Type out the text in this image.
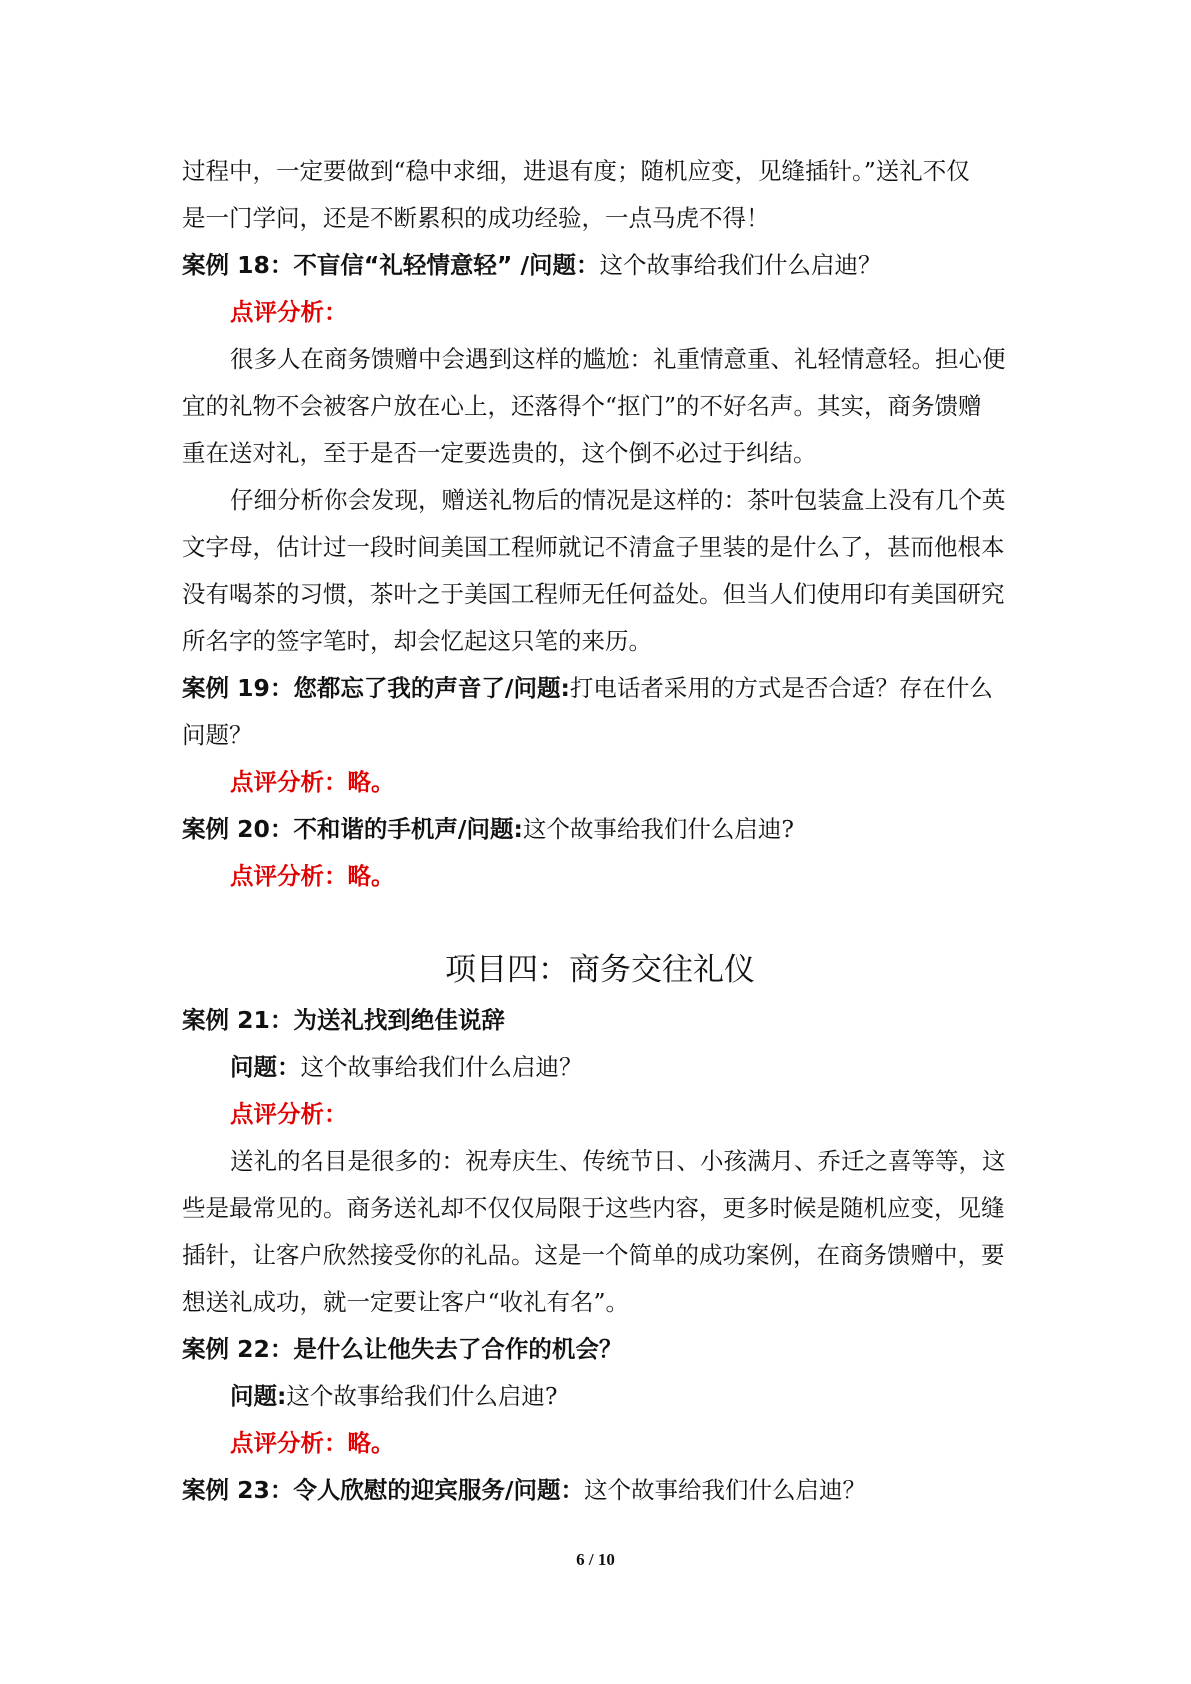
过程中，一定要做到“稳中求细，进退有度；随机应变，见缝插针。”送礼不仅
是一门学问，还是不断累积的成功经验，一点马虎不得！
案例 18：不盲信“礼轻情意轻” /问题：这个故事给我们什么启迪？
点评分析：
很多人在商务馈赠中会遇到这样的尴尬：礼重情意重、礼轻情意轻。担心便
宜的礼物不会被客户放在心上，还落得个“抠门”的不好名声。其实，商务馈赠
重在送对礼，至于是否一定要选贵的，这个倒不必过于纠结。
仔细分析你会发现，赠送礼物后的情况是这样的：茶叶包装盒上没有几个英
文字母，估计过一段时间美国工程师就记不清盒子里装的是什么了，甚而他根本
没有喝茶的习惯，茶叶之于美国工程师无任何益处。但当人们使用印有美国研究
所名字的签字笔时，却会忆起这只笔的来历。
案例 19：您都忘了我的声音了/问题:打电话者采用的方式是否合适？存在什么
问题？
点评分析：略。
案例 20：不和谐的手机声/问题:这个故事给我们什么启迪?
点评分析：略。
项目四：商务交往礼仪
案例 21：为送礼找到绝佳说辞
问题：这个故事给我们什么启迪？
点评分析：
送礼的名目是很多的：祝寿庆生、传统节日、小孩满月、乔迁之喜等等，这
些是最常见的。商务送礼却不仅仅局限于这些内容，更多时候是随机应变，见缝
插针，让客户欣然接受你的礼品。这是一个简单的成功案例，在商务馈赠中，要
想送礼成功，就一定要让客户“收礼有名”。
案例 22：是什么让他失去了合作的机会？
问题:这个故事给我们什么启迪?
点评分析：略。
案例 23：令人欣慰的迎宾服务/问题：这个故事给我们什么启迪？
6 / 10
